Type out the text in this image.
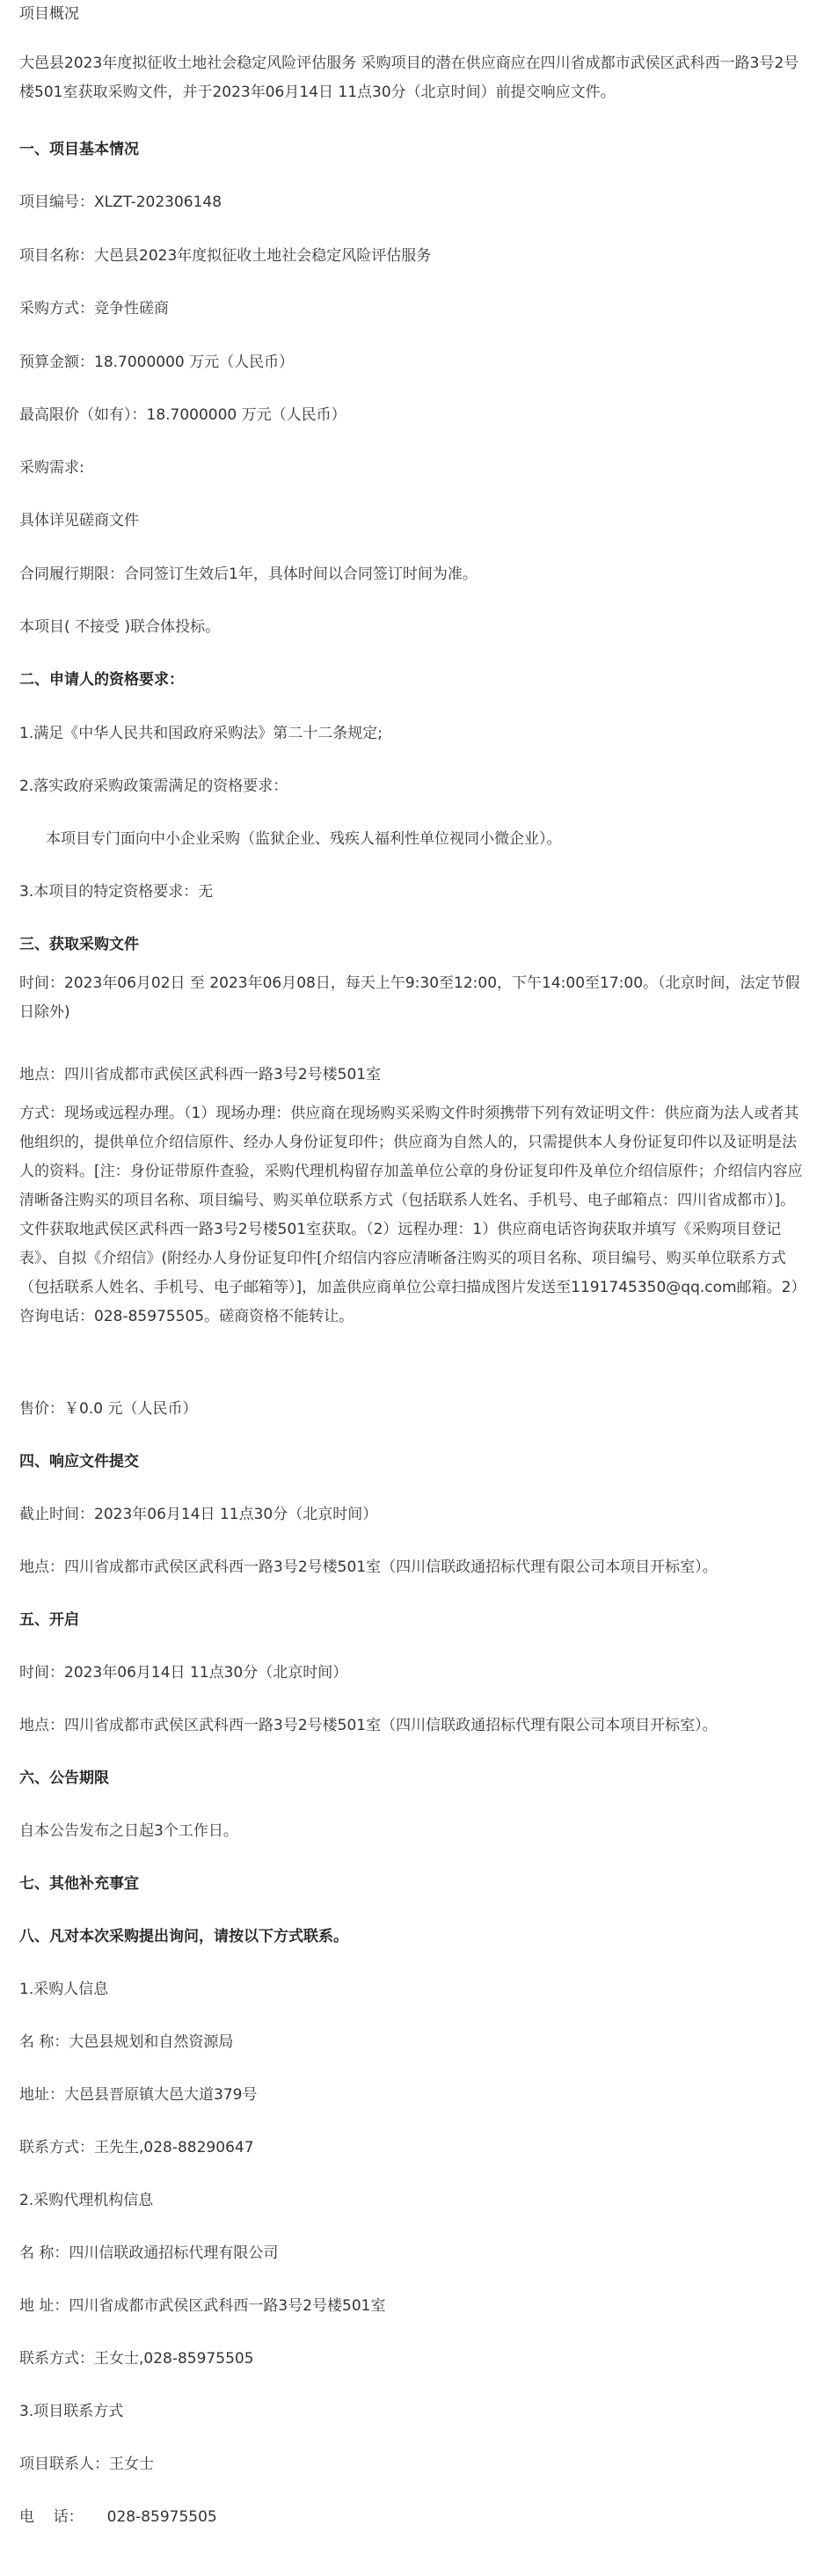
项目概况
大邑县2023年度拟征收土地社会稳定风险评估服务 采购项目的潜在供应商应在四川省成都市武侯区武科西一路3号2号楼501室获取采购文件，并于2023年06月14日 11点30分（北京时间）前提交响应文件。
一、项目基本情况
项目编号：XLZT-202306148
项目名称：大邑县2023年度拟征收土地社会稳定风险评估服务
采购方式：竞争性磋商
预算金额：18.7000000 万元（人民币）
最高限价（如有）：18.7000000 万元（人民币）
采购需求:
具体详见磋商文件
合同履行期限：合同签订生效后1年，具体时间以合同签订时间为准。
本项目( 不接受 )联合体投标。
二、申请人的资格要求：
1.满足《中华人民共和国政府采购法》第二十二条规定;
2.落实政府采购政策需满足的资格要求：
本项目专门面向中小企业采购（监狱企业、残疾人福利性单位视同小微企业）。
3.本项目的特定资格要求：无
三、获取采购文件
时间：2023年06月02日 至 2023年06月08日，每天上午9:30至12:00，下午14:00至17:00。（北京时间，法定节假日除外)
地点：四川省成都市武侯区武科西一路3号2号楼501室
方式：现场或远程办理。（1）现场办理：供应商在现场购买采购文件时须携带下列有效证明文件：供应商为法人或者其他组织的，提供单位介绍信原件、经办人身份证复印件；供应商为自然人的，只需提供本人身份证复印件以及证明是法人的资料。[注：身份证带原件查验，采购代理机构留存加盖单位公章的身份证复印件及单位介绍信原件；介绍信内容应清晰备注购买的项目名称、项目编号、购买单位联系方式（包括联系人姓名、手机号、电子邮箱点：四川省成都市）]。文件获取地武侯区武科西一路3号2号楼501室获取。（2）远程办理：1）供应商电话咨询获取并填写《采购项目登记表》、自拟《介绍信》(附经办人身份证复印件[介绍信内容应清晰备注购买的项目名称、项目编号、购买单位联系方式（包括联系人姓名、手机号、电子邮箱等）]，加盖供应商单位公章扫描成图片发送至1191745350@qq.com邮箱。2）咨询电话：028-85975505。磋商资格不能转让。
售价：￥0.0 元（人民币）
四、响应文件提交
截止时间：2023年06月14日 11点30分（北京时间）
地点：四川省成都市武侯区武科西一路3号2号楼501室（四川信联政通招标代理有限公司本项目开标室）。
五、开启
时间：2023年06月14日 11点30分（北京时间）
地点：四川省成都市武侯区武科西一路3号2号楼501室（四川信联政通招标代理有限公司本项目开标室）。
六、公告期限
自本公告发布之日起3个工作日。
七、其他补充事宜
八、凡对本次采购提出询问，请按以下方式联系。
1.采购人信息
名 称：大邑县规划和自然资源局
地址：大邑县晋原镇大邑大道379号
联系方式：王先生,028-88290647
2.采购代理机构信息
名 称：四川信联政通招标代理有限公司
地 址：四川省成都市武侯区武科西一路3号2号楼501室
联系方式：王女士,028-85975505
3.项目联系方式
项目联系人：王女士
电    话：     028-85975505
